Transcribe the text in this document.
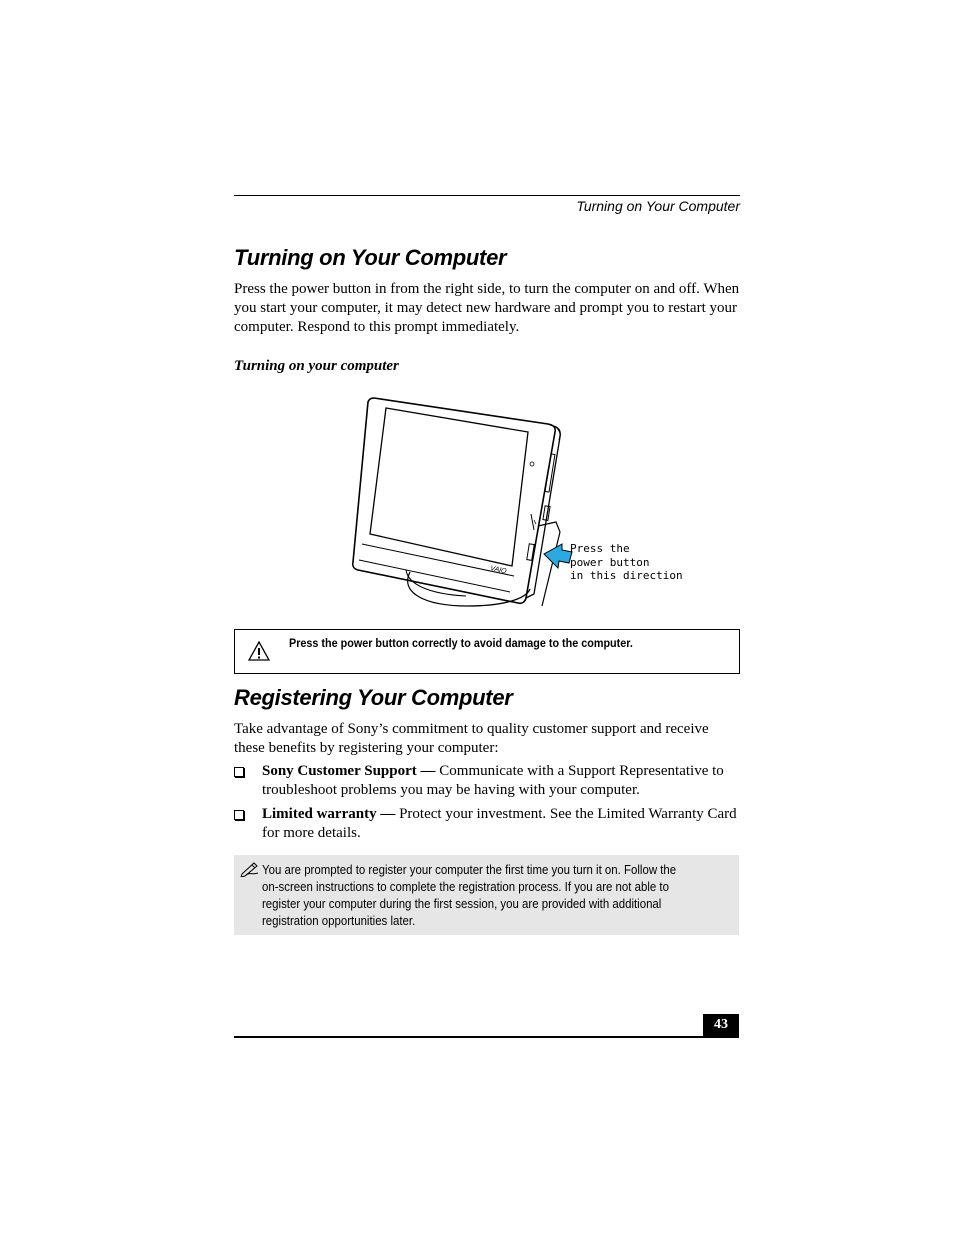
Turning on Your Computer
Turning on Your Computer

Press the power button in from the right side, to turn the computer on and off. When you start your computer, it may detect new hardware and prompt you to restart your computer. Respond to this prompt immediately.

Turning on your computer
VAIO
Press the
power button
in this direction
Press the power button correctly to avoid damage to the computer.
Registering Your Computer

Take advantage of Sony’s commitment to quality customer support and receive these benefits by registering your computer:

Sony Customer Support — Communicate with a Support Representative to troubleshoot problems you may be having with your computer.
Limited warranty — Protect your investment. See the Limited Warranty Card for more details.
You are prompted to register your computer the first time you turn it on. Follow the
on-screen instructions to complete the registration process. If you are not able to
register your computer during the first session, you are provided with additional
registration opportunities later.
43
